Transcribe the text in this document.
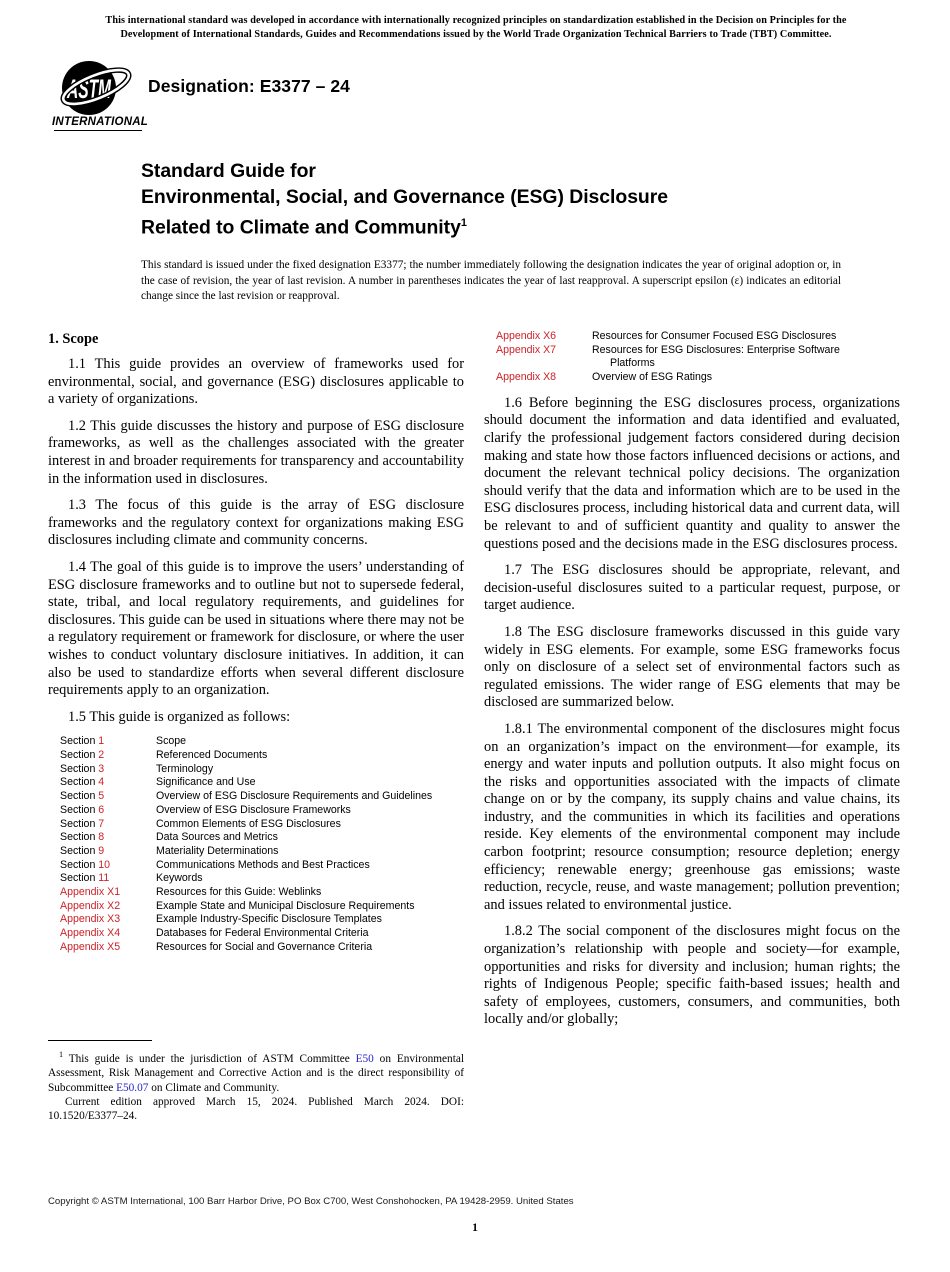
This international standard was developed in accordance with internationally recognized principles on standardization established in the Decision on Principles for the
Development of International Standards, Guides and Recommendations issued by the World Trade Organization Technical Barriers to Trade (TBT) Committee.
ASTM
INTERNATIONAL
Designation: E3377 – 24
Standard Guide for
Environmental, Social, and Governance (ESG) Disclosure
Related to Climate and Community$^1$
This standard is issued under the fixed designation E3377; the number immediately following the designation indicates the year of original adoption or, in the case of revision, the year of last revision. A number in parentheses indicates the year of last reapproval. A superscript epsilon (ε) indicates an editorial change since the last revision or reapproval.
1. Scope

1.1 This guide provides an overview of frameworks used for environmental, social, and governance (ESG) disclosures applicable to a variety of organizations.

1.2 This guide discusses the history and purpose of ESG disclosure frameworks, as well as the challenges associated with the greater interest in and broader requirements for transparency and accountability in the information used in disclosures.

1.3 The focus of this guide is the array of ESG disclosure frameworks and the regulatory context for organizations making ESG disclosures including climate and community concerns.

1.4 The goal of this guide is to improve the users’ understanding of ESG disclosure frameworks and to outline but not to supersede federal, state, tribal, and local regulatory requirements, and guidelines for disclosures. This guide can be used in situations where there may not be a regulatory requirement or framework for disclosure, or where the user wishes to conduct voluntary disclosure initiatives. In addition, it can also be used to standardize efforts when several different disclosure requirements apply to an organization.

1.5 This guide is organized as follows:

Section 1	Scope
Section 2	Referenced Documents
Section 3	Terminology
Section 4	Significance and Use
Section 5	Overview of ESG Disclosure Requirements and Guidelines
Section 6	Overview of ESG Disclosure Frameworks
Section 7	Common Elements of ESG Disclosures
Section 8	Data Sources and Metrics
Section 9	Materiality Determinations
Section 10	Communications Methods and Best Practices
Section 11	Keywords
Appendix X1	Resources for this Guide: Weblinks
Appendix X2	Example State and Municipal Disclosure Requirements
Appendix X3	Example Industry-Specific Disclosure Templates
Appendix X4	Databases for Federal Environmental Criteria
Appendix X5	Resources for Social and Governance Criteria
Appendix X6	Resources for Consumer Focused ESG Disclosures
Appendix X7	Resources for ESG Disclosures: Enterprise Software
Platforms

Appendix X8	Overview of ESG Ratings

1.6 Before beginning the ESG disclosures process, organizations should document the information and data identified and evaluated, clarify the professional judgement factors considered during decision making and state how those factors influenced decisions or actions, and document the relevant technical policy decisions. The organization should verify that the data and information which are to be used in the ESG disclosures process, including historical data and current data, will be relevant to and of sufficient quantity and quality to answer the questions posed and the decisions made in the ESG disclosures process.

1.7 The ESG disclosures should be appropriate, relevant, and decision-useful disclosures suited to a particular request, purpose, or target audience.

1.8 The ESG disclosure frameworks discussed in this guide vary widely in ESG elements. For example, some ESG frameworks focus only on disclosure of a select set of environmental factors such as regulated emissions. The wider range of ESG elements that may be disclosed are summarized below.

1.8.1 The environmental component of the disclosures might focus on an organization’s impact on the environment—for example, its energy and water inputs and pollution outputs. It also might focus on the risks and opportunities associated with the impacts of climate change on or by the company, its supply chains and value chains, its industry, and the communities in which its facilities and operations reside. Key elements of the environmental component may include carbon footprint; resource consumption; resource depletion; energy efficiency; renewable energy; greenhouse gas emissions; waste reduction, recycle, reuse, and waste management; pollution prevention; and issues related to environmental justice.

1.8.2 The social component of the disclosures might focus on the organization’s relationship with people and society—for example, opportunities and risks for diversity and inclusion; human rights; the rights of Indigenous People; specific faith-based issues; health and safety of employees, customers, consumers, and communities, both locally and/or globally;

$^1$ This guide is under the jurisdiction of ASTM Committee E50 on Environmental Assessment, Risk Management and Corrective Action and is the direct responsibility of Subcommittee E50.07 on Climate and Community.

Current edition approved March 15, 2024. Published March 2024. DOI: 10.1520/E3377–24.

Copyright © ASTM International, 100 Barr Harbor Drive, PO Box C700, West Conshohocken, PA 19428-2959. United States
1
